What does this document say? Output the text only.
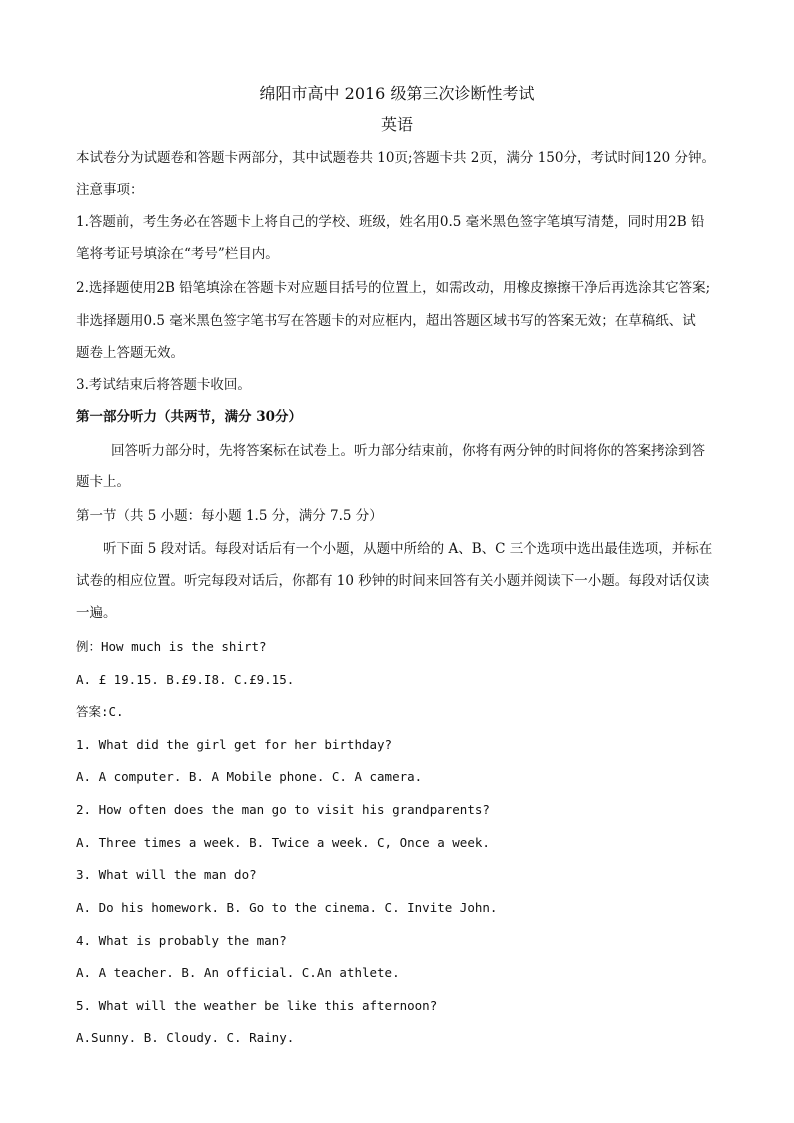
绵阳市高中 2016 级第三次诊断性考试
英语
本试卷分为试题卷和答题卡两部分，其中试题卷共 10页;答题卡共 2页，满分 150分，考试时间120 分钟。
注意事项：
1.答题前，考生务必在答题卡上将自己的学校、班级，姓名用0.5 毫米黑色签字笔填写清楚，同时用2B 铅
笔将考证号填涂在“考号”栏目内。
2.选择题使用2B 铅笔填涂在答题卡对应题目括号的位置上，如需改动，用橡皮擦擦干净后再选涂其它答案;
非选择题用0.5 毫米黑色签字笔书写在答题卡的对应框内，超出答题区域书写的答案无效；在草稿纸、试
题卷上答题无效。
3.考试结束后将答题卡收回。
第一部分听力（共两节，满分 30分）
回答听力部分时，先将答案标在试卷上。听力部分结束前，你将有两分钟的时间将你的答案拷涂到答
题卡上。
第一节（共 5 小题：每小题 1.5 分，满分 7.5 分）
听下面 5 段对话。每段对话后有一个小题，从题中所给的 A、B、C 三个选项中选出最佳选项，并标在
试卷的相应位置。听完每段对话后，你都有 10 秒钟的时间来回答有关小题并阅读下一小题。每段对话仅读
一遍。
例：How much is the shirt?
A. £ 19.15. B.£9.I8. C.£9.15.
答案:C.
1. What did the girl get for her birthday?
A. A computer. B. A Mobile phone. C. A camera.
2. How often does the man go to visit his grandparents?
A. Three times a week. B. Twice a week. C, Once a week.
3. What will the man do?
A. Do his homework. B. Go to the cinema. C. Invite John.
4. What is probably the man?
A. A teacher. B. An official. C.An athlete.
5. What will the weather be like this afternoon?
A.Sunny. B. Cloudy. C. Rainy.
